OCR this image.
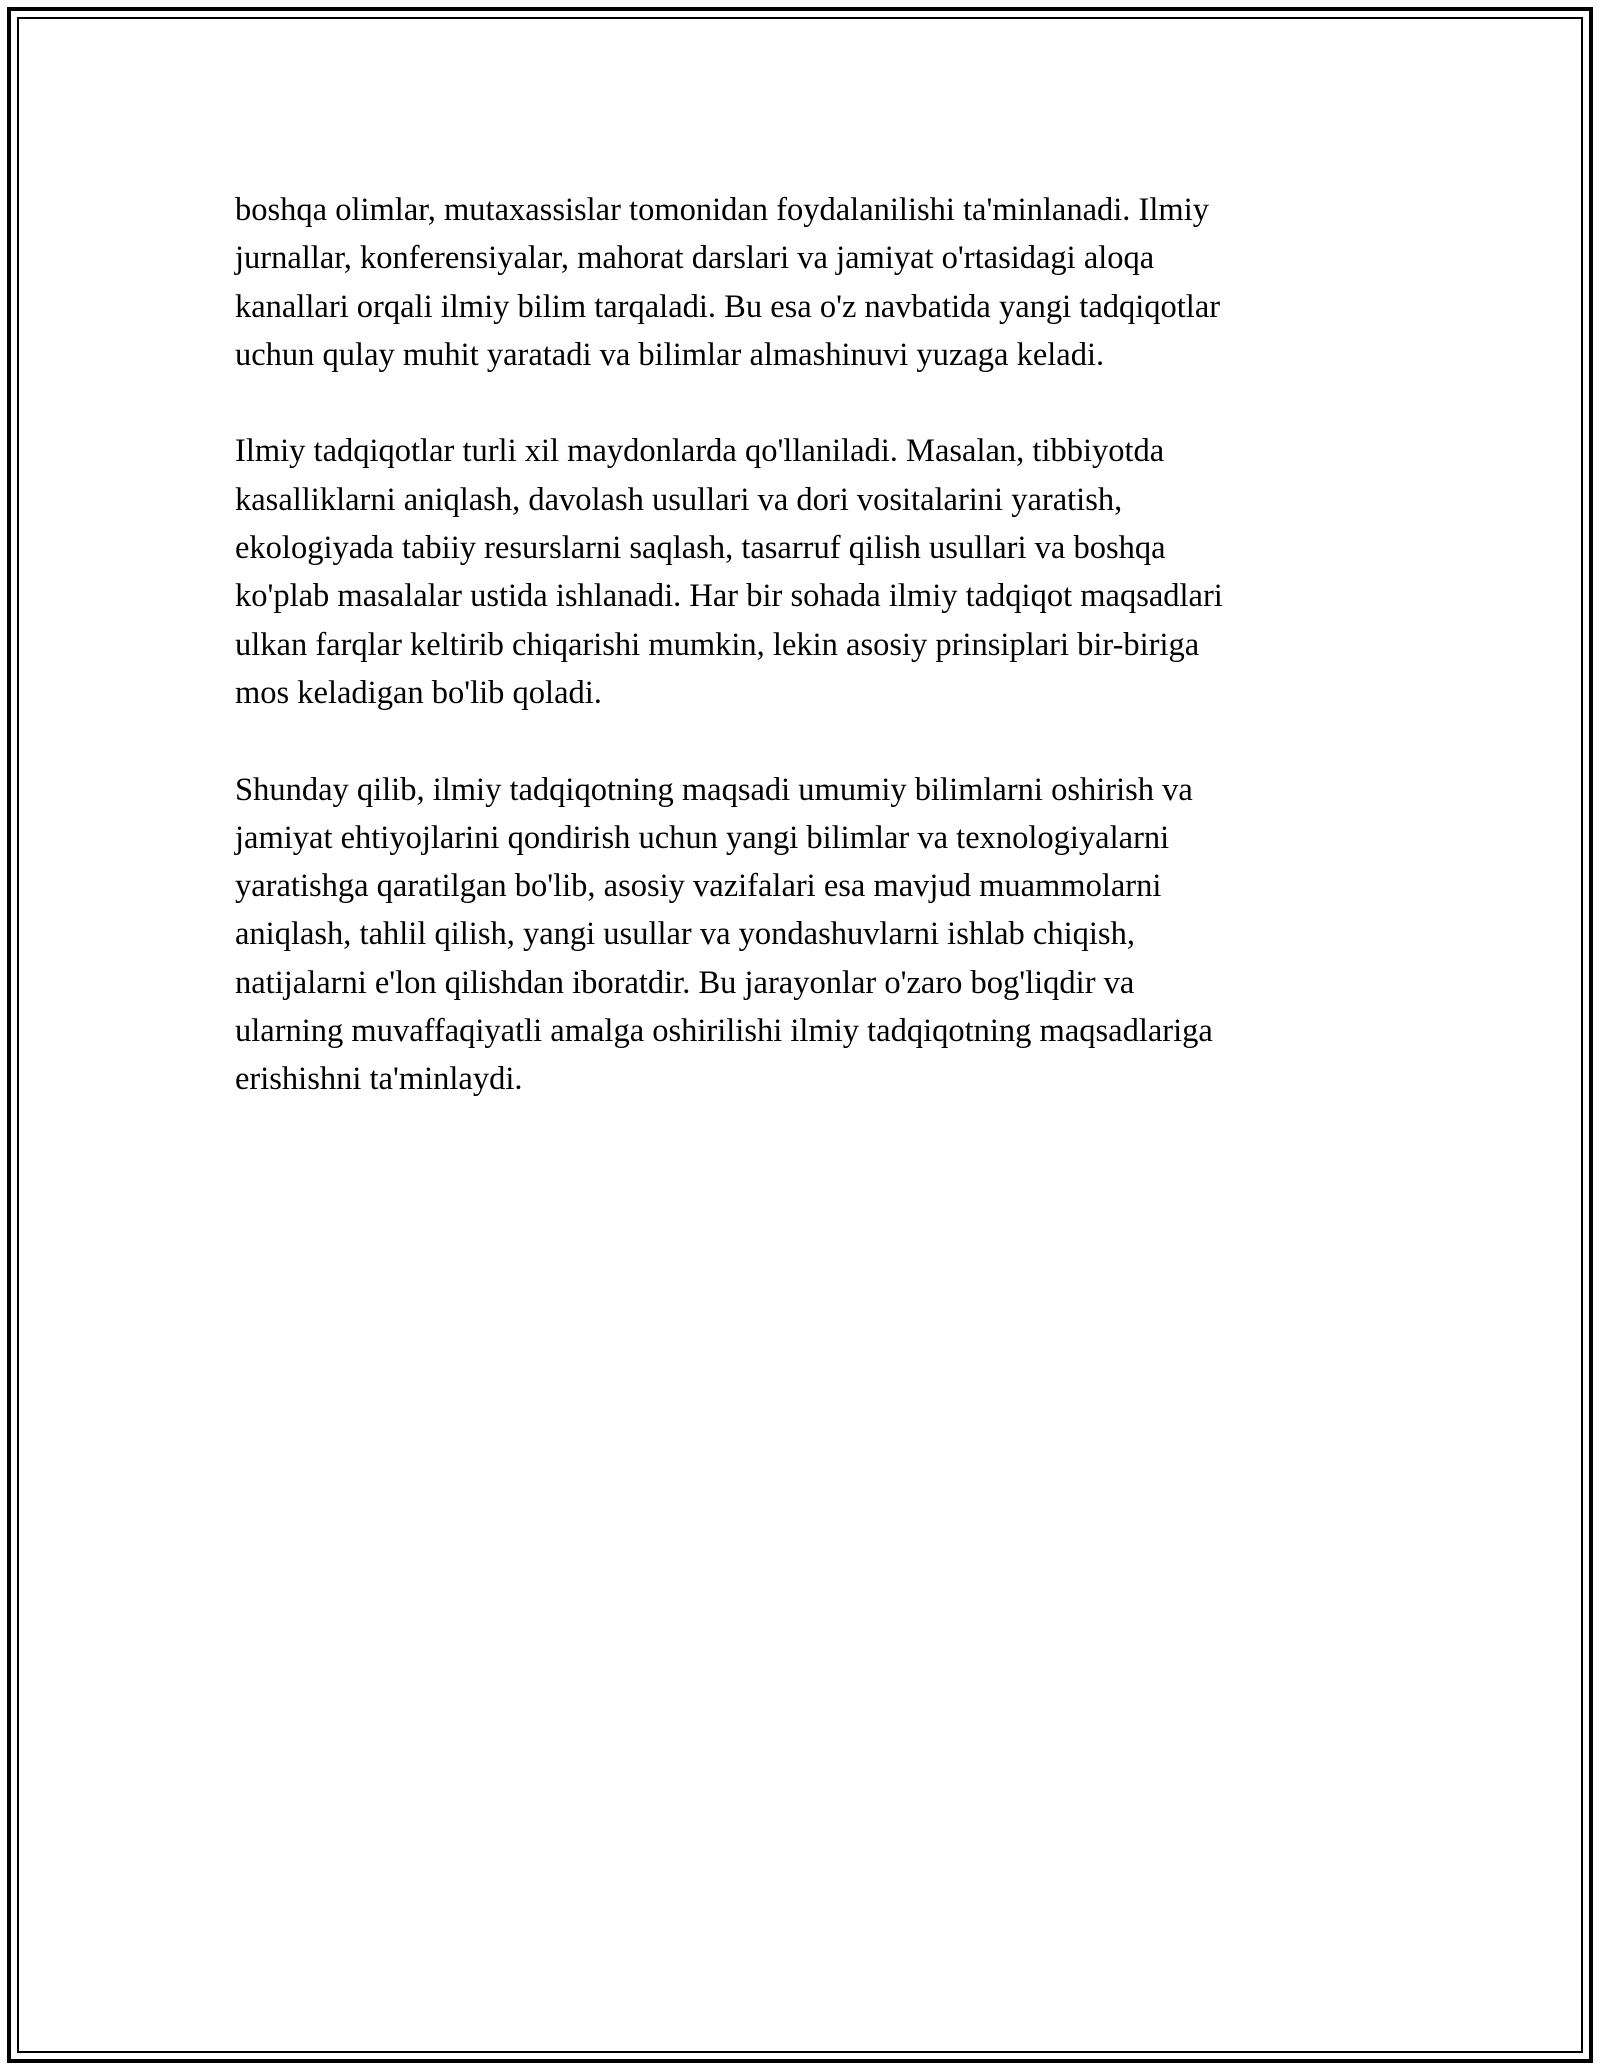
boshqa olimlar, mutaxassislar tomonidan foydalanilishi ta'minlanadi. Ilmiy
jurnallar, konferensiyalar, mahorat darslari va jamiyat o'rtasidagi aloqa
kanallari orqali ilmiy bilim tarqaladi. Bu esa o'z navbatida yangi tadqiqotlar
uchun qulay muhit yaratadi va bilimlar almashinuvi yuzaga keladi.

Ilmiy tadqiqotlar turli xil maydonlarda qo'llaniladi. Masalan, tibbiyotda
kasalliklarni aniqlash, davolash usullari va dori vositalarini yaratish,
ekologiyada tabiiy resurslarni saqlash, tasarruf qilish usullari va boshqa
ko'plab masalalar ustida ishlanadi. Har bir sohada ilmiy tadqiqot maqsadlari
ulkan farqlar keltirib chiqarishi mumkin, lekin asosiy prinsiplari bir-biriga
mos keladigan bo'lib qoladi.

Shunday qilib, ilmiy tadqiqotning maqsadi umumiy bilimlarni oshirish va
jamiyat ehtiyojlarini qondirish uchun yangi bilimlar va texnologiyalarni
yaratishga qaratilgan bo'lib, asosiy vazifalari esa mavjud muammolarni
aniqlash, tahlil qilish, yangi usullar va yondashuvlarni ishlab chiqish,
natijalarni e'lon qilishdan iboratdir. Bu jarayonlar o'zaro bog'liqdir va
ularning muvaffaqiyatli amalga oshirilishi ilmiy tadqiqotning maqsadlariga
erishishni ta'minlaydi.
